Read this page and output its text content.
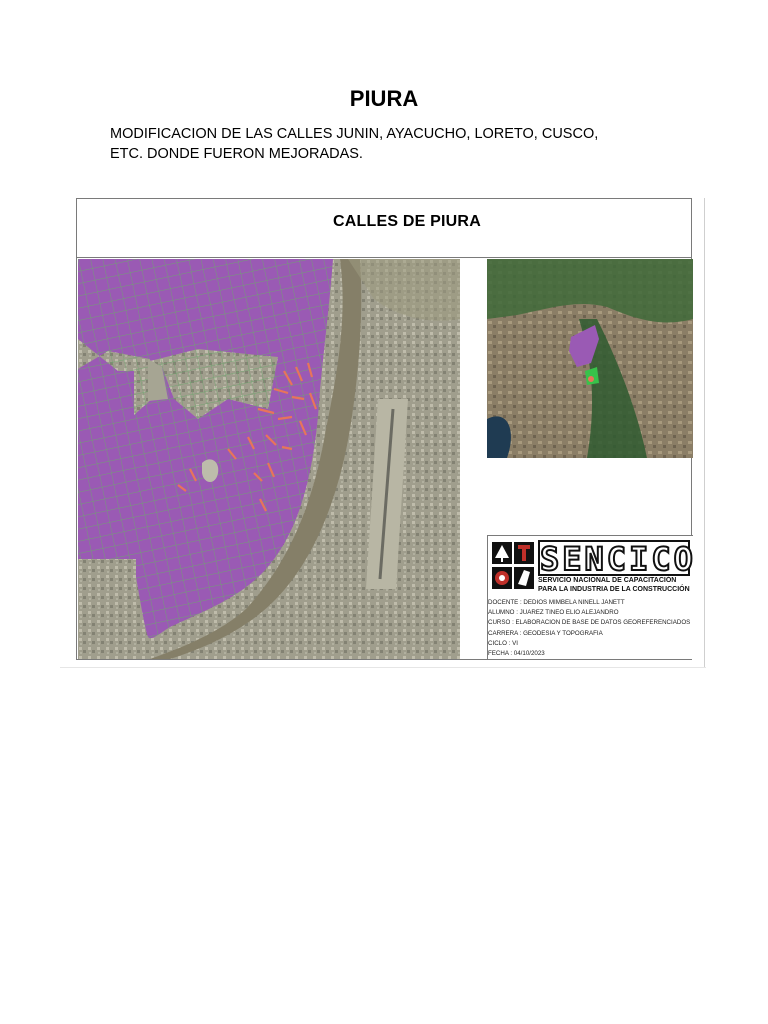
PIURA
MODIFICACION DE LAS CALLES JUNIN, AYACUCHO, LORETO, CUSCO,
ETC. DONDE FUERON MEJORADAS.
CALLES DE PIURA
SENCICO
SERVICIO NACIONAL DE CAPACITACIÓN
PARA LA INDUSTRIA DE LA CONSTRUCCIÓN
DOCENTE : DEDIOS MIMBELA NINELL JANETT
ALUMNO : JUAREZ TINEO ELIO ALEJANDRO
CURSO : ELABORACION DE BASE DE DATOS GEOREFERENCIADOS
CARRERA : GEODESIA Y TOPOGRAFIA
CICLO : VI
FECHA : 04/10/2023
